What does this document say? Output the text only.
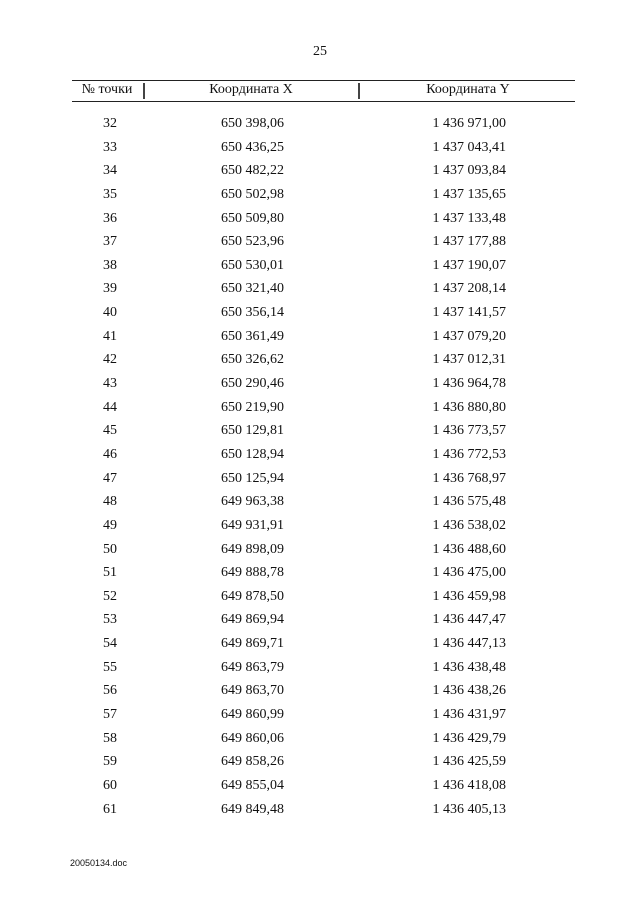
25
№ точки	Координата X	Координата Y
32	650 398,06	1 436 971,00
33	650 436,25	1 437 043,41
34	650 482,22	1 437 093,84
35	650 502,98	1 437 135,65
36	650 509,80	1 437 133,48
37	650 523,96	1 437 177,88
38	650 530,01	1 437 190,07
39	650 321,40	1 437 208,14
40	650 356,14	1 437 141,57
41	650 361,49	1 437 079,20
42	650 326,62	1 437 012,31
43	650 290,46	1 436 964,78
44	650 219,90	1 436 880,80
45	650 129,81	1 436 773,57
46	650 128,94	1 436 772,53
47	650 125,94	1 436 768,97
48	649 963,38	1 436 575,48
49	649 931,91	1 436 538,02
50	649 898,09	1 436 488,60
51	649 888,78	1 436 475,00
52	649 878,50	1 436 459,98
53	649 869,94	1 436 447,47
54	649 869,71	1 436 447,13
55	649 863,79	1 436 438,48
56	649 863,70	1 436 438,26
57	649 860,99	1 436 431,97
58	649 860,06	1 436 429,79
59	649 858,26	1 436 425,59
60	649 855,04	1 436 418,08
61	649 849,48	1 436 405,13
20050134.doc
